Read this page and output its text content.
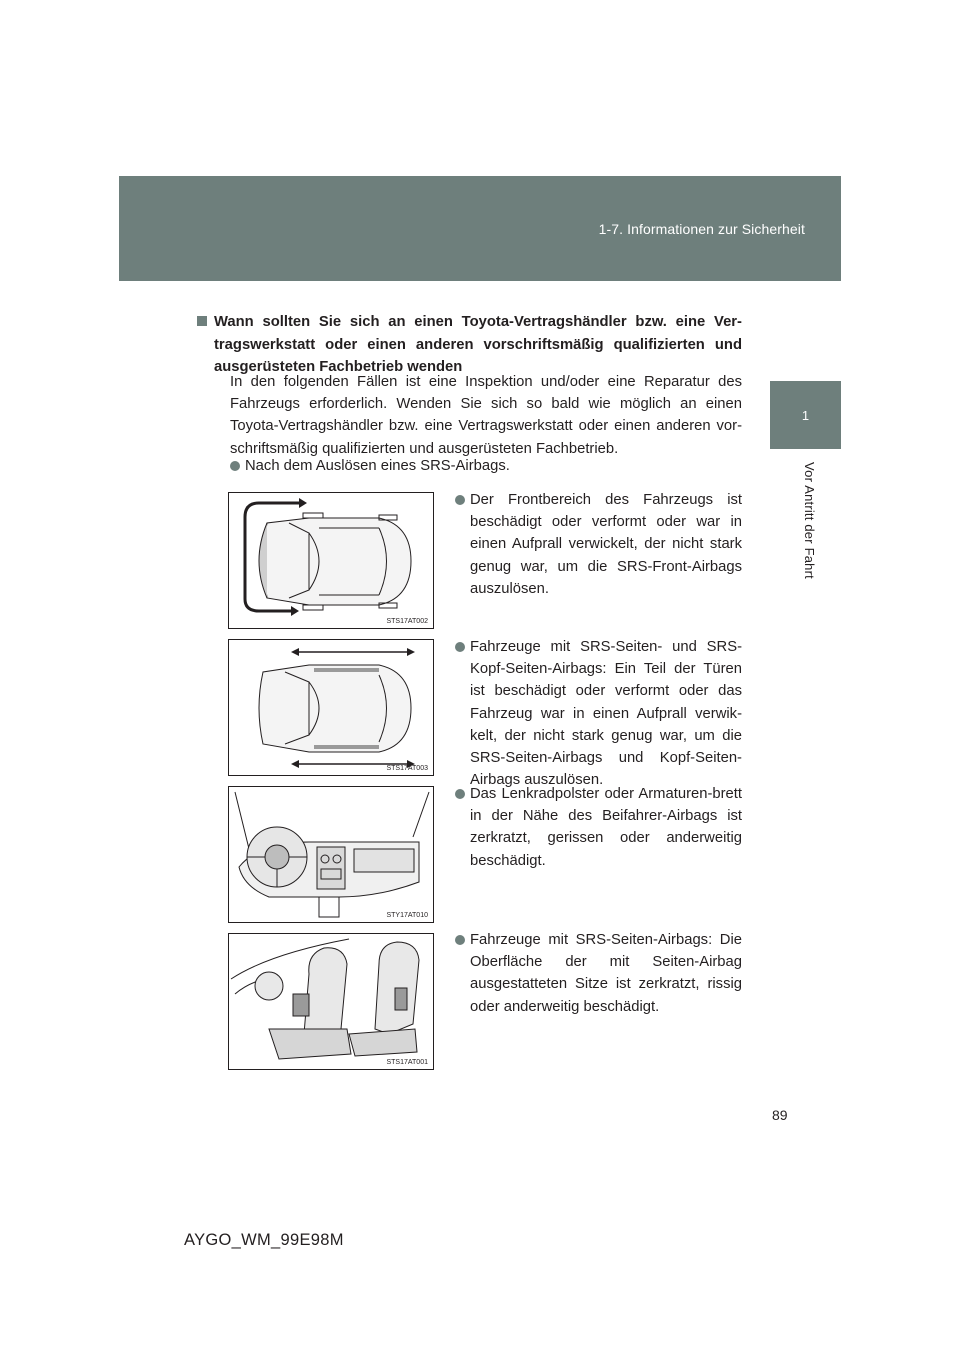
1-7. Informationen zur Sicherheit
1
Vor Antritt der Fahrt
Wann sollten Sie sich an einen Toyota-Vertragshändler bzw. eine Ver-tragswerkstatt oder einen anderen vorschriftsmäßig qualifizierten und ausgerüsteten Fachbetrieb wenden
In den folgenden Fällen ist eine Inspektion und/oder eine Reparatur des Fahrzeugs erforderlich. Wenden Sie sich so bald wie möglich an einen Toyota-Vertragshändler bzw. eine Vertragswerkstatt oder einen anderen vor-schriftsmäßig qualifizierten und ausgerüsteten Fachbetrieb.
Nach dem Auslösen eines SRS-Airbags.
STS17AT002
Der Frontbereich des Fahrzeugs ist beschädigt oder verformt oder war in einen Aufprall verwickelt, der nicht stark genug war, um die SRS-Front-Airbags auszulösen.
STS17AT003
Fahrzeuge mit SRS-Seiten- und SRS-Kopf-Seiten-Airbags: Ein Teil der Türen ist beschädigt oder verformt oder das Fahrzeug war in einen Aufprall verwik-kelt, der nicht stark genug war, um die SRS-Seiten-Airbags und Kopf-Seiten-Airbags auszulösen.
STY17AT010
Das Lenkradpolster oder Armaturen-brett in der Nähe des Beifahrer-Airbags ist zerkratzt, gerissen oder anderweitig beschädigt.
STS17AT001
Fahrzeuge mit SRS-Seiten-Airbags: Die Oberfläche der mit Seiten-Airbag ausgestatteten Sitze ist zerkratzt, rissig oder anderweitig beschädigt.
89
AYGO_WM_99E98M
